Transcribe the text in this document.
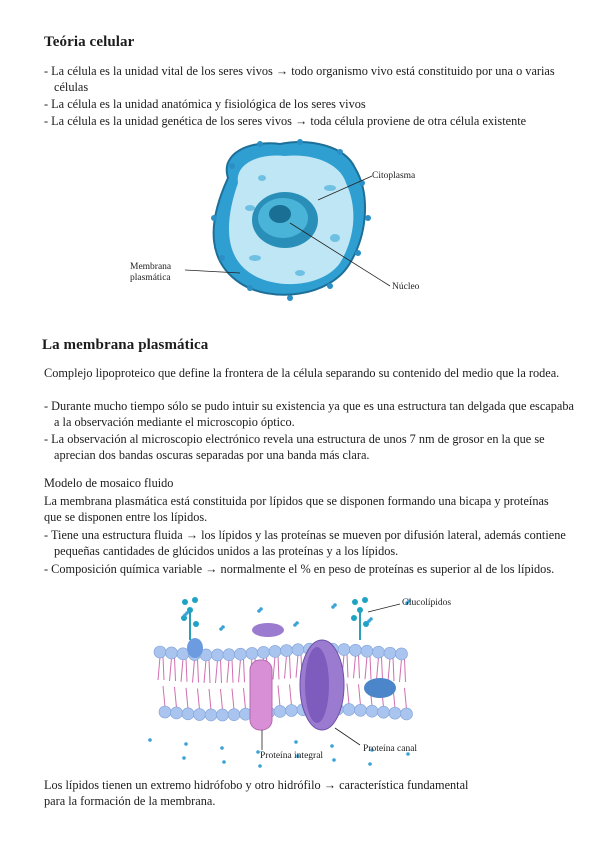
Teória celular
- La célula es la unidad vital de los seres vivos → todo organismo vivo está constituido por una o varias células
- La célula es la unidad anatómica y fisiológica de los seres vivos
- La célula es la unidad genética de los seres vivos → toda célula proviene de otra célula existente
Citoplasma
Membrana plasmática
Núcleo
La membrana plasmática
Complejo lipoproteico que define la frontera de la célula separando su contenido del medio que la rodea.
- Durante mucho tiempo sólo se pudo intuir su existencia ya que es una estructura tan delgada que escapaba a la observación mediante el microscopio óptico.
- La observación al microscopio electrónico revela una estructura de unos 7 nm de grosor en la que se aprecian dos bandas oscuras separadas por una banda más clara.
Modelo de mosaico fluido
La membrana plasmática está constituida por lípidos que se disponen formando una bicapa y proteínas que se disponen entre los lípidos.
- Tiene una estructura fluida → los lípidos y las proteínas se mueven por difusión lateral, además contiene pequeñas cantidades de glúcidos unidos a las proteínas y a los lípidos.
- Composición química variable → normalmente el % en peso de proteínas es superior al de los lípidos.
Glucolípidos
Proteína integral
Proteína canal
Los lípidos tienen un extremo hidrófobo y otro hidrófilo → característica fundamental para la formación de la membrana.
